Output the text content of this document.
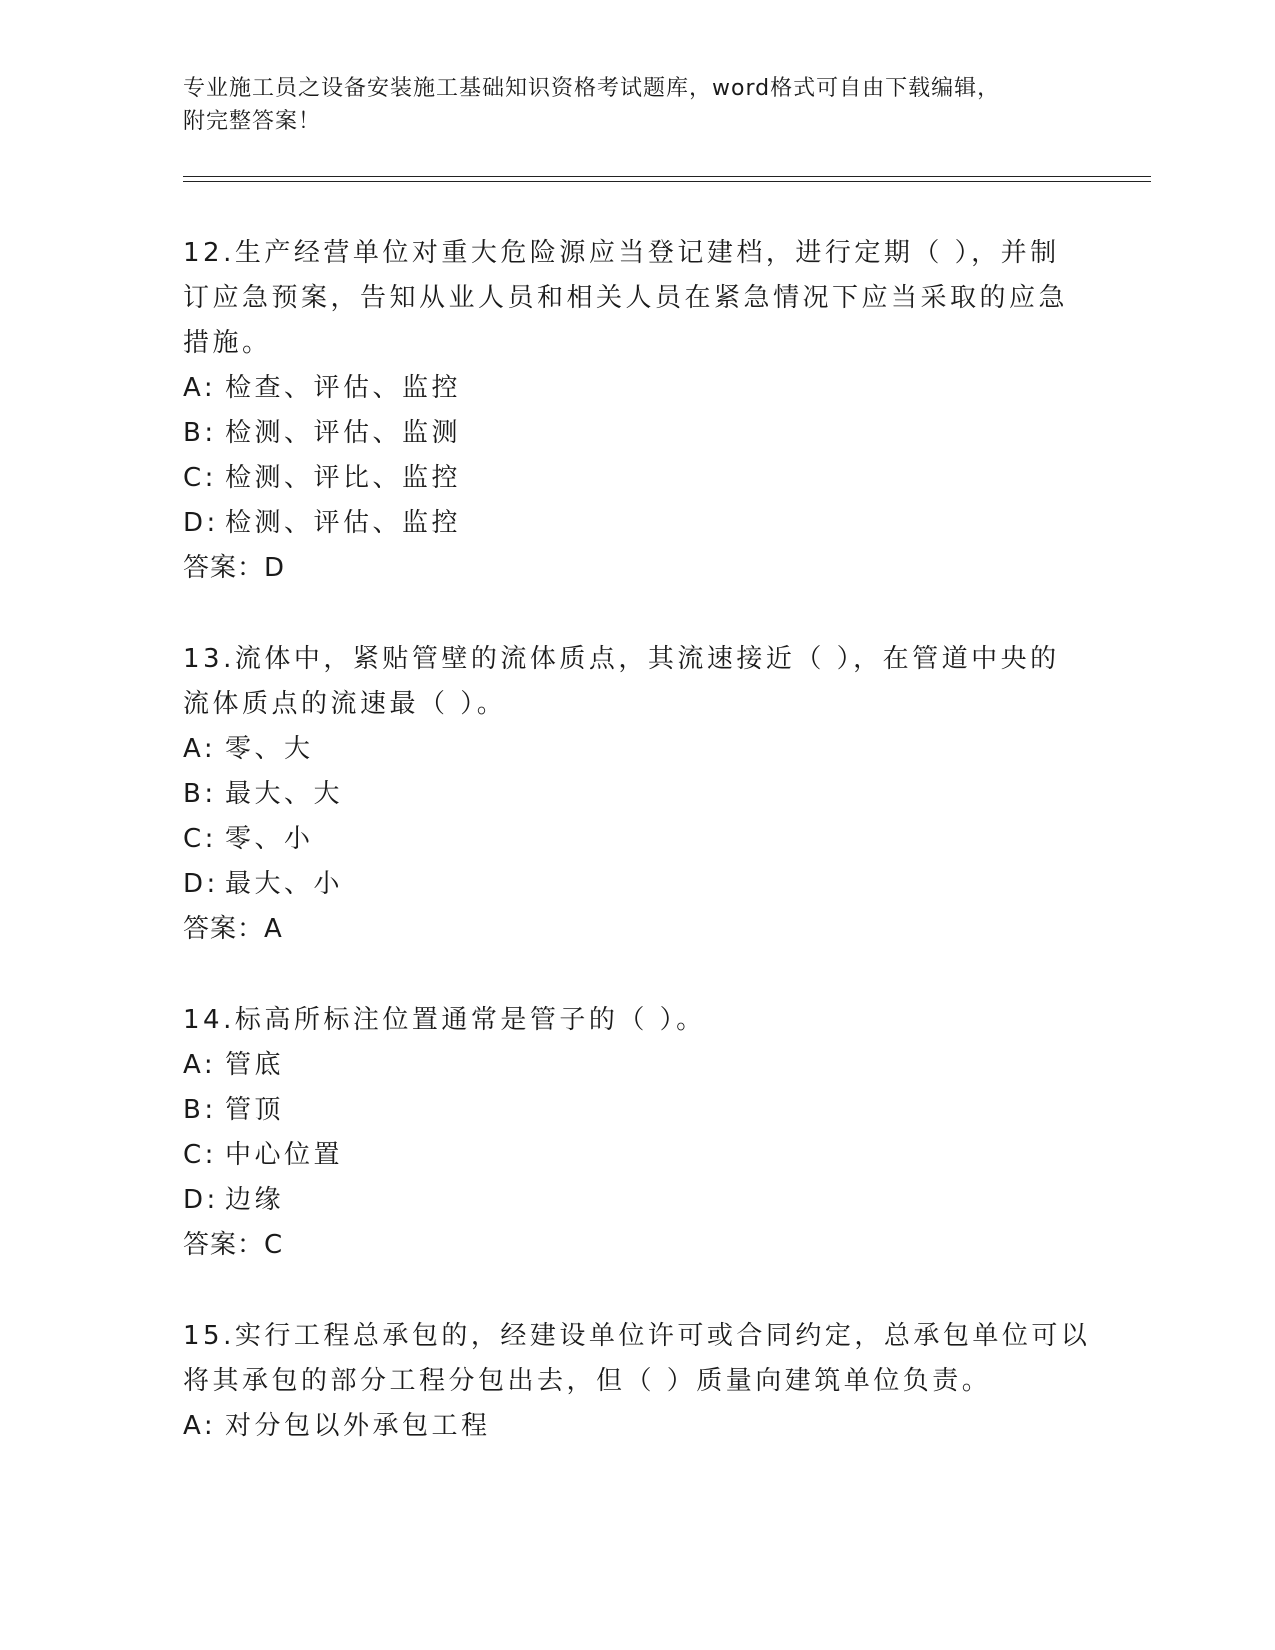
专业施工员之设备安装施工基础知识资格考试题库，word格式可自由下载编辑，
附完整答案！
12.生产经营单位对重大危险源应当登记建档，进行定期（ ），并制
订应急预案，告知从业人员和相关人员在紧急情况下应当采取的应急
措施。
A: 检查、评估、监控
B: 检测、评估、监测
C: 检测、评比、监控
D: 检测、评估、监控
答案：D
13.流体中，紧贴管壁的流体质点，其流速接近（ ），在管道中央的
流体质点的流速最（ ）。
A: 零、大
B: 最大、大
C: 零、小
D: 最大、小
答案：A
14.标高所标注位置通常是管子的（ ）。
A: 管底
B: 管顶
C: 中心位置
D: 边缘
答案：C
15.实行工程总承包的，经建设单位许可或合同约定，总承包单位可以
将其承包的部分工程分包出去，但（ ）质量向建筑单位负责。
A: 对分包以外承包工程
